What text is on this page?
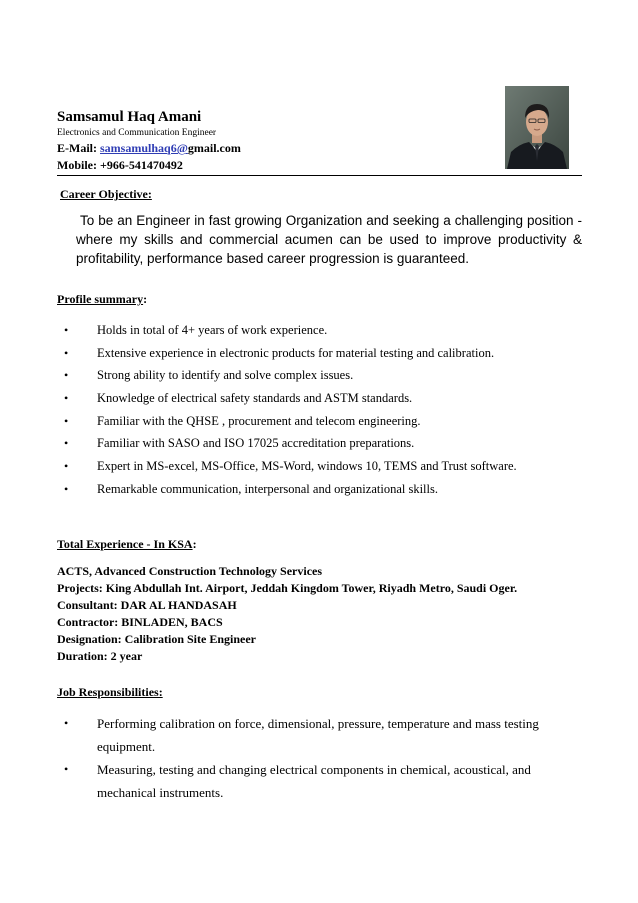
Samsamul Haq Amani
Electronics and Communication Engineer
E-Mail: samsamulhaq6@gmail.com
Mobile: +966-541470492
Career Objective:
To be an Engineer in fast growing Organization and seeking a challenging position - where my skills and commercial acumen can be used to improve productivity & profitability, performance based career progression is guaranteed.
Profile summary:
• Holds in total of 4+ years of work experience.
• Extensive experience in electronic products for material testing and calibration.
• Strong ability to identify and solve complex issues.
• Knowledge of electrical safety standards and ASTM standards.
• Familiar with the QHSE , procurement and telecom engineering.
• Familiar with SASO and ISO 17025 accreditation preparations.
• Expert in MS-excel, MS-Office, MS-Word, windows 10, TEMS and Trust software.
• Remarkable communication, interpersonal and organizational skills.
Total Experience - In KSA:
ACTS, Advanced Construction Technology Services
Projects: King Abdullah Int. Airport, Jeddah Kingdom Tower, Riyadh Metro, Saudi Oger.
Consultant: DAR AL HANDASAH
Contractor: BINLADEN, BACS
Designation: Calibration Site Engineer
Duration: 2 year
Job Responsibilities:
• Performing calibration on force, dimensional, pressure, temperature and mass testing equipment.
• Measuring, testing and changing electrical components in chemical, acoustical, and mechanical instruments.
